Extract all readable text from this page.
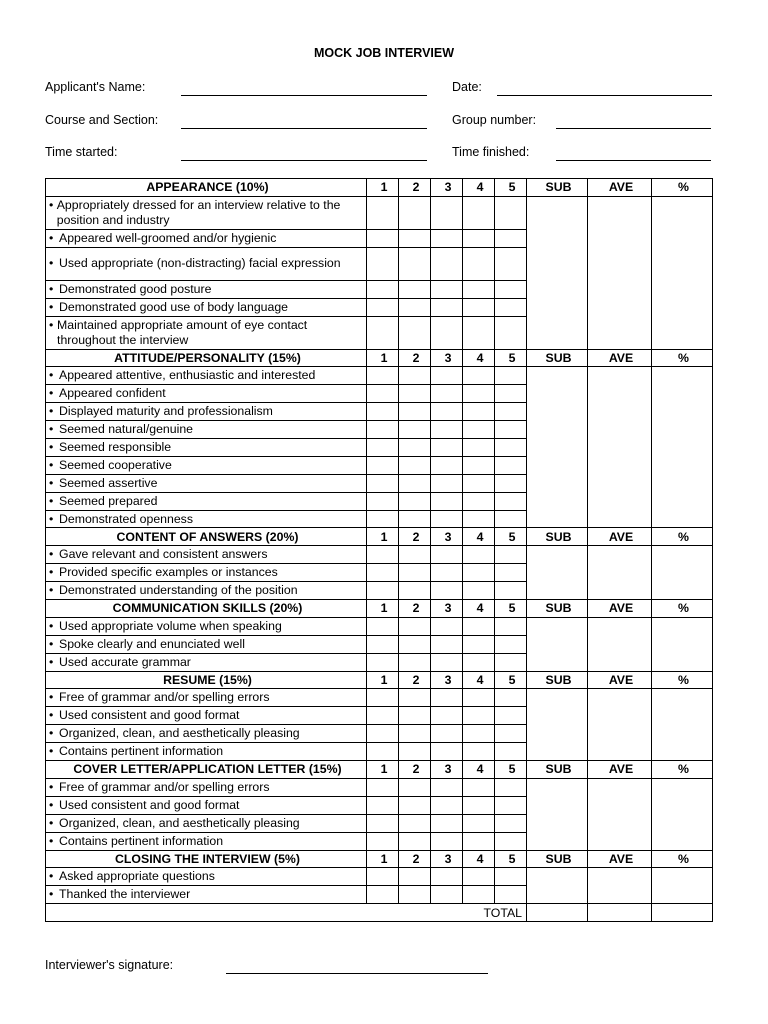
MOCK JOB INTERVIEW
Applicant's Name:	Date:
Course and Section:	Group number:
Time started:	Time finished:
APPEARANCE (10%)	1	2	3	4	5	SUB	AVE	%

• Appropriately dressed for an interview relative to the position and industry								

• Appeared well-groomed and/or hygienic								

• Used appropriate (non-distracting) facial expression								

• Demonstrated good posture								

• Demonstrated good use of body language								

• Maintained appropriate amount of eye contact throughout the interview								

ATTITUDE/PERSONALITY (15%)	1	2	3	4	5	SUB	AVE	%

• Appeared attentive, enthusiastic and interested								

• Appeared confident								

• Displayed maturity and professionalism								

• Seemed natural/genuine								

• Seemed responsible								

• Seemed cooperative								

• Seemed assertive								

• Seemed prepared								

• Demonstrated openness								

CONTENT OF ANSWERS (20%)	1	2	3	4	5	SUB	AVE	%

• Gave relevant and consistent answers								

• Provided specific examples or instances								

• Demonstrated understanding of the position								

COMMUNICATION SKILLS (20%)	1	2	3	4	5	SUB	AVE	%

• Used appropriate volume when speaking								

• Spoke clearly and enunciated well								

• Used accurate grammar								

RESUME (15%)	1	2	3	4	5	SUB	AVE	%

• Free of grammar and/or spelling errors								

• Used consistent and good format								

• Organized, clean, and aesthetically pleasing								

• Contains pertinent information								

COVER LETTER/APPLICATION LETTER (15%)	1	2	3	4	5	SUB	AVE	%

• Free of grammar and/or spelling errors								

• Used consistent and good format								

• Organized, clean, and aesthetically pleasing								

• Contains pertinent information								

CLOSING THE INTERVIEW (5%)	1	2	3	4	5	SUB	AVE	%

• Asked appropriate questions								

• Thanked the interviewer								

				TOTAL				
Interviewer's signature:
